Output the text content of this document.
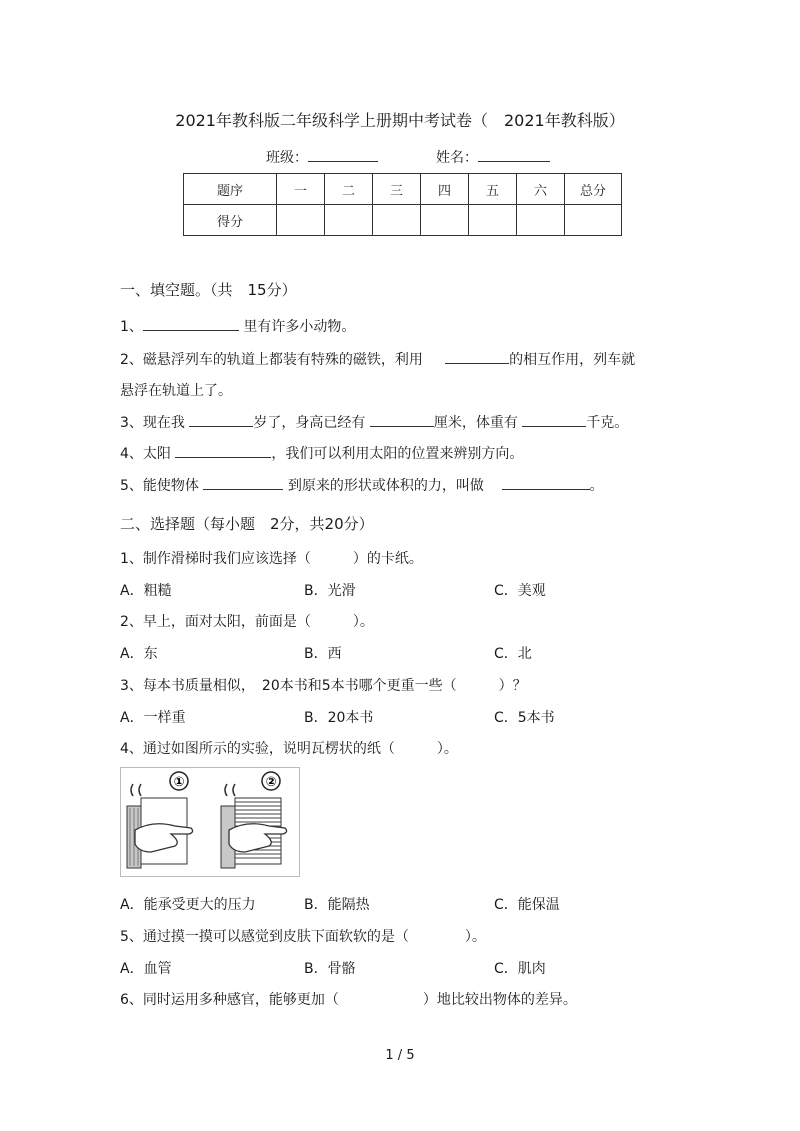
2021年教科版二年级科学上册期中考试卷（　2021年教科版）
班级：	姓名：
题序	一	二	三	四	五	六	总分
得分							
一、填空题。（共　15分）
1、	里有许多小动物。
2、磁悬浮列车的轨道上都装有特殊的磁铁，利用	的相互作用，列车就
悬浮在轨道上了。
3、现在我	岁了，身高已经有	厘米，体重有	千克。
4、太阳	，我们可以利用太阳的位置来辨别方向。
5、能使物体	到原来的形状或体积的力，叫做	。
二、选择题（每小题　2分，共20分）
1、制作滑梯时我们应该选择（　　　）的卡纸。
A．粗糙	B．光滑	C．美观
2、早上，面对太阳，前面是（　　　）。
A．东	B．西	C．北
3、每本书质量相似，　20本书和5本书哪个更重一些（　　　）？
A．一样重	B．20本书	C．5本书
4、通过如图所示的实验，说明瓦楞状的纸（　　　）。
①	②
A．能承受更大的压力	B．能隔热	C．能保温
5、通过摸一摸可以感觉到皮肤下面软软的是（　　　　）。
A．血管	B．骨骼	C．肌肉
6、同时运用多种感官，能够更加（　　　　　　）地比较出物体的差异。
1 / 5
